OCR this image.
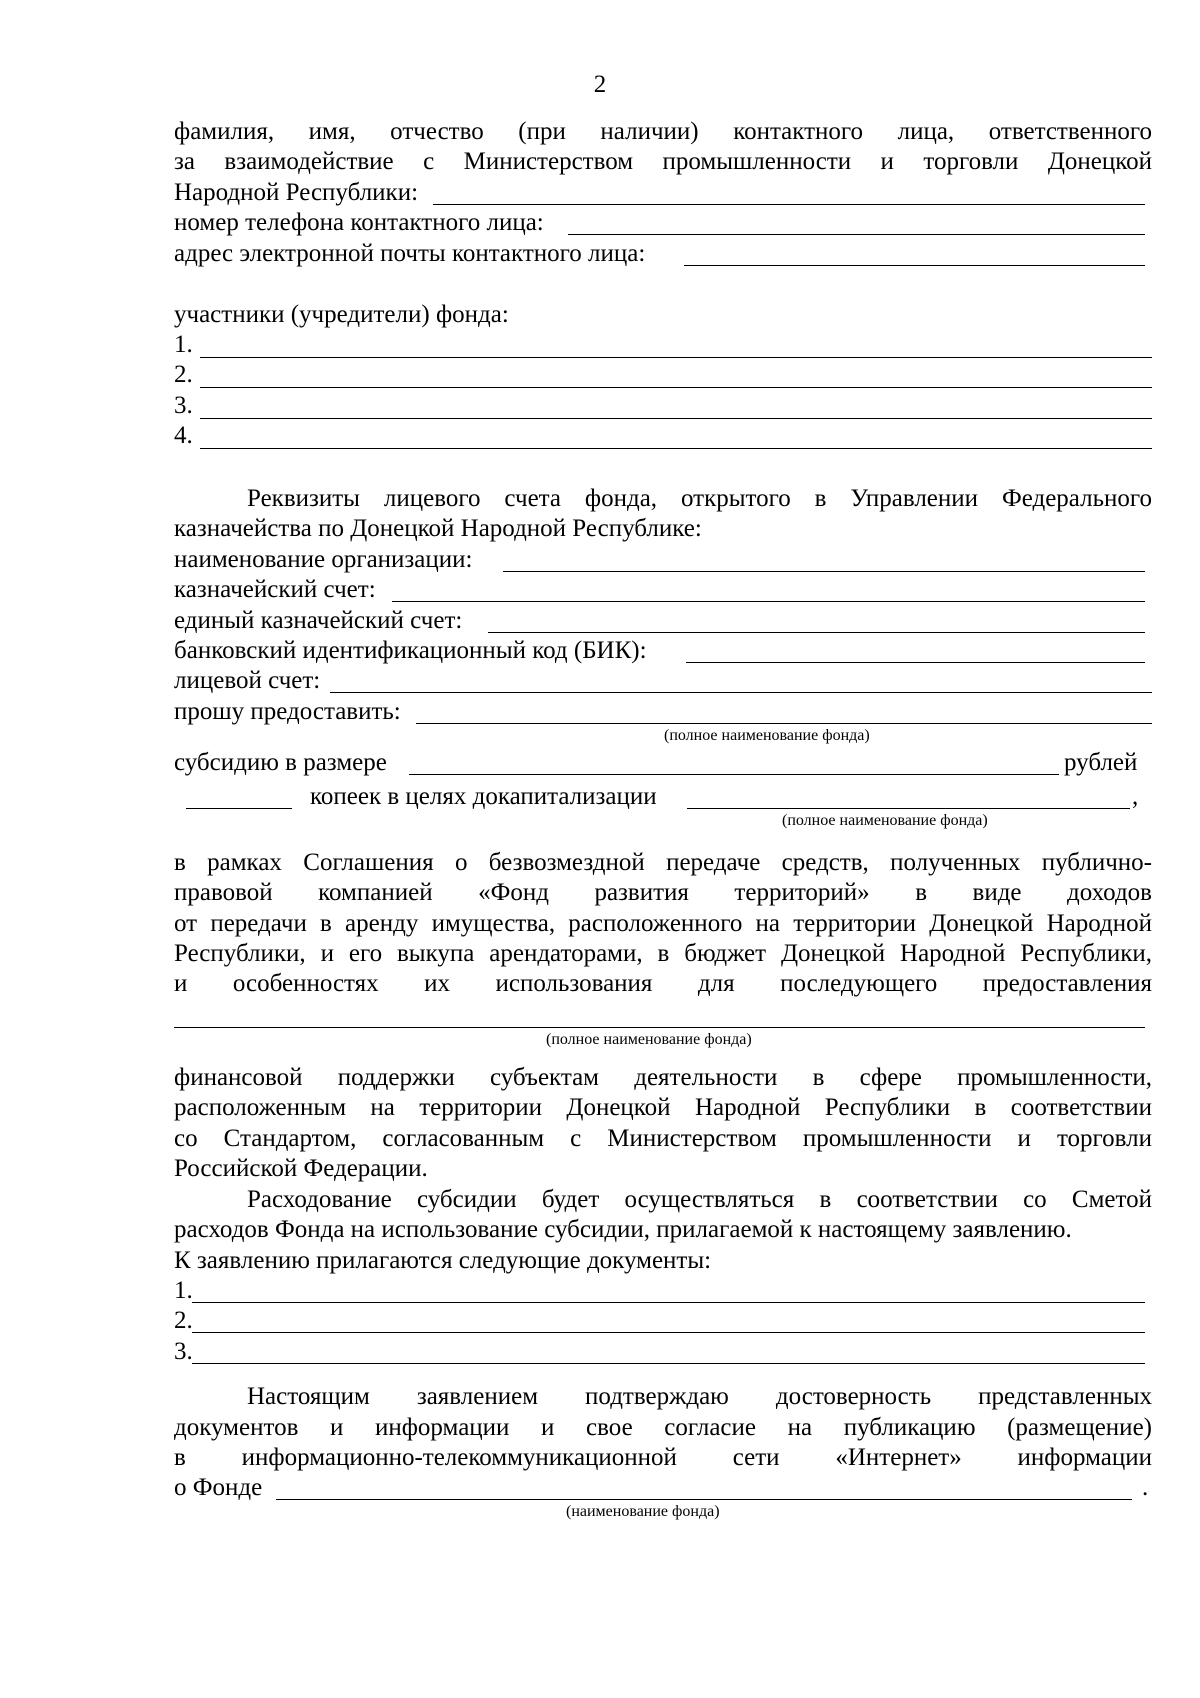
2
фамилия, имя, отчество (при наличии) контактного лица, ответственного
за взаимодействие с Министерством промышленности и торговли Донецкой
Народной Республики:
номер телефона контактного лица:
адрес электронной почты контактного лица:
участники (учредители) фонда:
1.
2.
3.
4.
Реквизиты лицевого счета фонда, открытого в Управлении Федерального
казначейства по Донецкой Народной Республике:
наименование организации:
казначейский счет:
единый казначейский счет:
банковский идентификационный код (БИК):
лицевой счет:
прошу предоставить:
(полное наименование фонда)
субсидию в размере	рублей
копеек в целях докапитализации	,
(полное наименование фонда)
в рамках Соглашения о безвозмездной передаче средств, полученных публично-
правовой компанией «Фонд развития территорий» в виде доходов
от передачи в аренду имущества, расположенного на территории Донецкой Народной
Республики, и его выкупа арендаторами, в бюджет Донецкой Народной Республики,
и особенностях их использования для последующего предоставления
(полное наименование фонда)
финансовой поддержки субъектам деятельности в сфере промышленности,
расположенным на территории Донецкой Народной Республики в соответствии
со Стандартом, согласованным с Министерством промышленности и торговли
Российской Федерации.
Расходование субсидии будет осуществляться в соответствии со Сметой
расходов Фонда на использование субсидии, прилагаемой к настоящему заявлению.
К заявлению прилагаются следующие документы:
1.
2.
3.
Настоящим заявлением подтверждаю достоверность представленных
документов и информации и свое согласие на публикацию (размещение)
в информационно-телекоммуникационной сети «Интернет» информации
о Фонде	.
(наименование фонда)
